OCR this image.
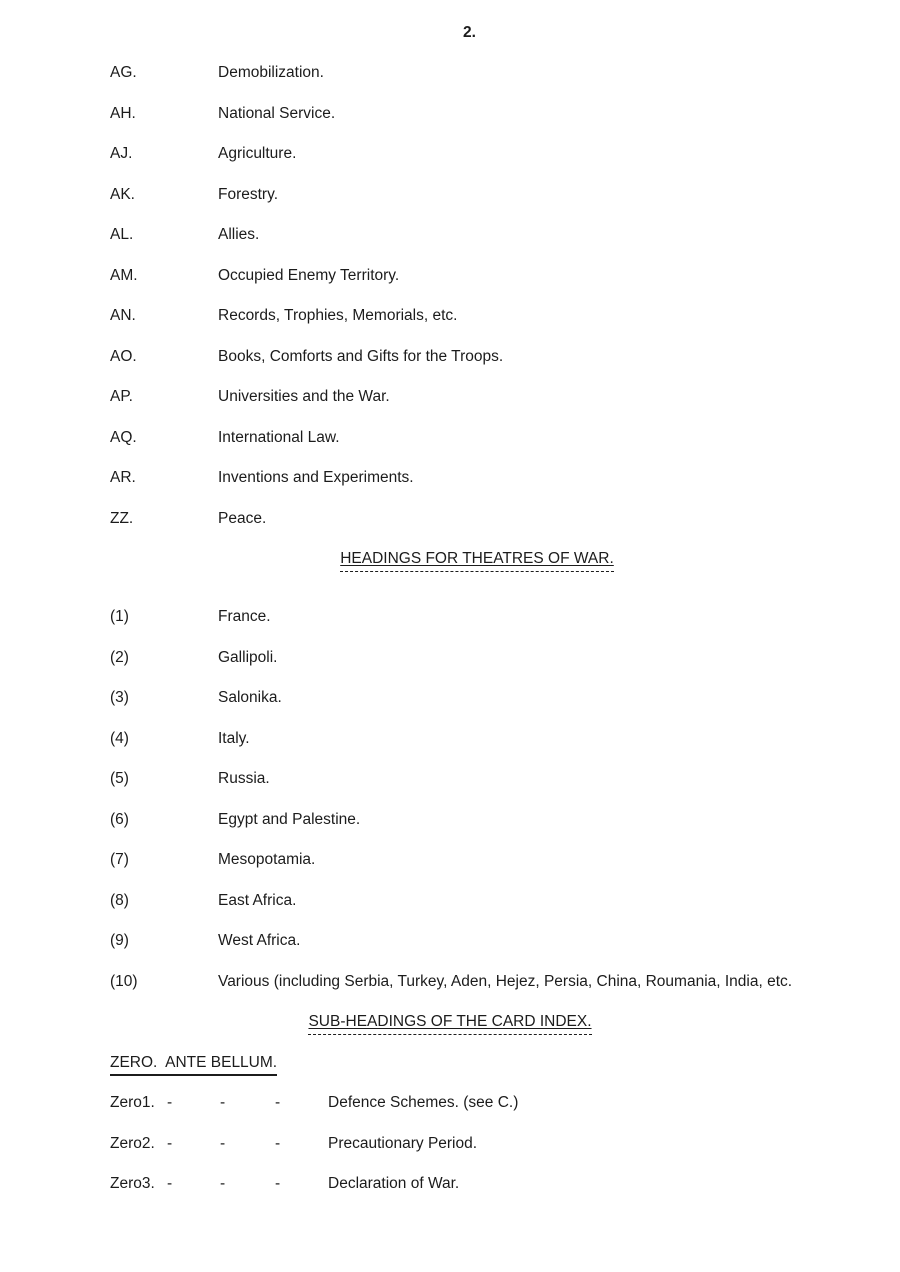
2.
AG.	Demobilization.
AH.	National Service.
AJ.	Agriculture.
AK.	Forestry.
AL.	Allies.
AM.	Occupied Enemy Territory.
AN.	Records, Trophies, Memorials, etc.
AO.	Books, Comforts and Gifts for the Troops.
AP.	Universities and the War.
AQ.	International Law.
AR.	Inventions and Experiments.
ZZ.	Peace.
HEADINGS FOR THEATRES OF WAR.
(1)	France.
(2)	Gallipoli.
(3)	Salonika.
(4)	Italy.
(5)	Russia.
(6)	Egypt and Palestine.
(7)	Mesopotamia.
(8)	East Africa.
(9)	West Africa.
(10)	Various (including Serbia, Turkey, Aden, Hejez, Persia, China, Roumania, India, etc.
SUB-HEADINGS OF THE CARD INDEX.
ZERO.  ANTE BELLUM.
Zero1. -	-	-	Defence Schemes. (see C.)
Zero2. -	-	-	Precautionary Period.
Zero3. -	-	-	Declaration of War.
